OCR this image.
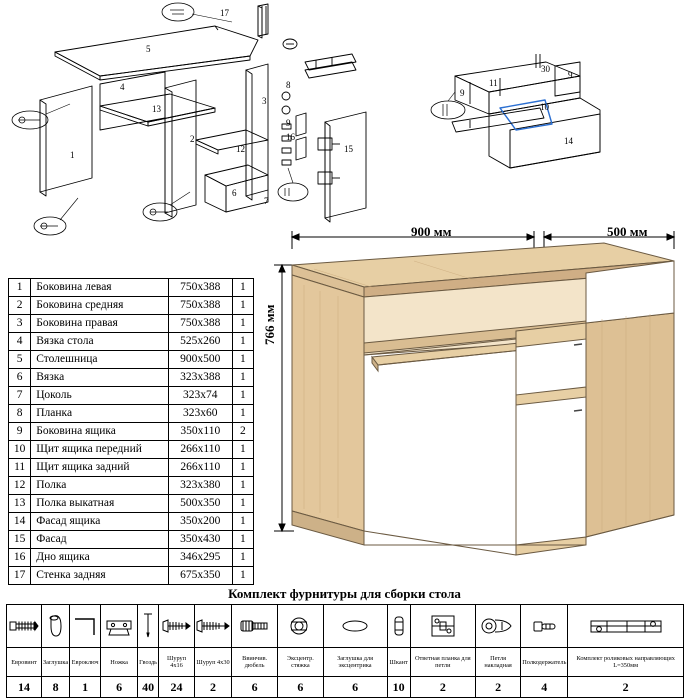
17
5
4
13
2
3
12
6
7
1
15
8
9
16
11
9
9
10
14
30
1	Боковина левая	750х388	1
2	Боковина средняя	750х388	1
3	Боковина правая	750х388	1
4	Вязка стола	525х260	1
5	Столешница	900х500	1
6	Вязка	323х388	1
7	Цоколь	323х74	1
8	Планка	323х60	1
9	Боковина ящика	350х110	2
10	Щит ящика передний	266х110	1
11	Щит ящика задний	266х110	1
12	Полка	323х380	1
13	Полка выкатная	500х350	1
14	Фасад ящика	350х200	1
15	Фасад	350х430	1
16	Дно ящика	346х295	1
17	Стенка задняя	675х350	1
900 мм	500 мм
766 мм
Комплект фурнитуры для сборки стола

Евровинт	Заглушка	Евроключ	Ножка	Гвоздь	Шуруп 4х16	Шуруп 4х30	Ввинчив. дюбель	Эксцентр. стяжка	Заглушка для эксцентрика	Шкант	Ответная планка для петли	Петля накладная	Полкодержатель	Комплект роликовых направляющих L=350мм
14	8	1	6	40	24	2	6	6	6	10	2	2	4	2
